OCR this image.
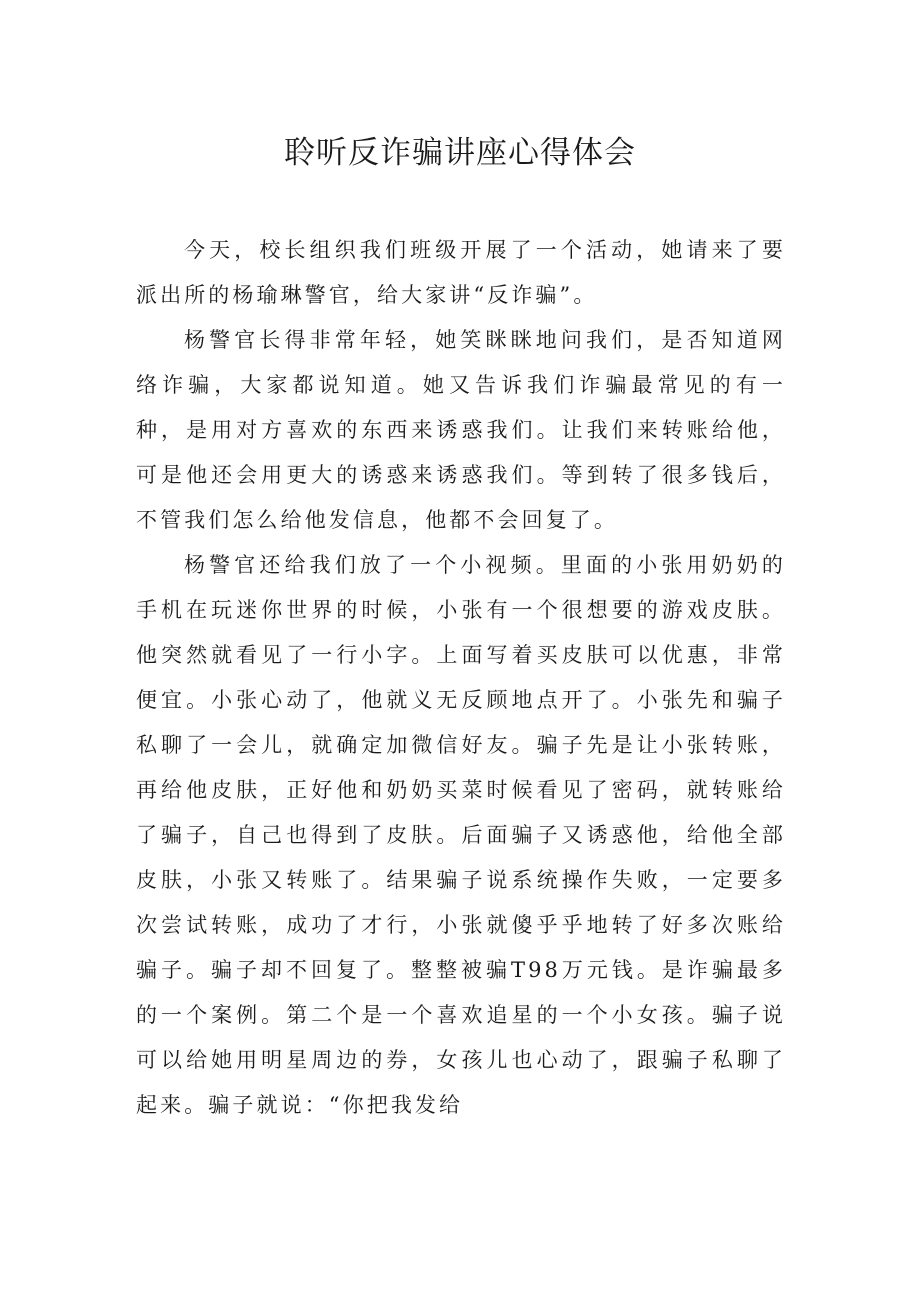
聆听反诈骗讲座心得体会

今天，校长组织我们班级开展了一个活动，她请来了要派出所的杨瑜琳警官，给大家讲“反诈骗”。

杨警官长得非常年轻，她笑眯眯地问我们，是否知道网络诈骗，大家都说知道。她又告诉我们诈骗最常见的有一种，是用对方喜欢的东西来诱惑我们。让我们来转账给他，可是他还会用更大的诱惑来诱惑我们。等到转了很多钱后，不管我们怎么给他发信息，他都不会回复了。

杨警官还给我们放了一个小视频。里面的小张用奶奶的手机在玩迷你世界的时候，小张有一个很想要的游戏皮肤。他突然就看见了一行小字。上面写着买皮肤可以优惠，非常便宜。小张心动了，他就义无反顾地点开了。小张先和骗子私聊了一会儿，就确定加微信好友。骗子先是让小张转账，再给他皮肤，正好他和奶奶买菜时候看见了密码，就转账给了骗子，自己也得到了皮肤。后面骗子又诱惑他，给他全部皮肤，小张又转账了。结果骗子说系统操作失败，一定要多次尝试转账，成功了才行，小张就傻乎乎地转了好多次账给骗子。骗子却不回复了。整整被骗T98万元钱。是诈骗最多的一个案例。第二个是一个喜欢追星的一个小女孩。骗子说可以给她用明星周边的券，女孩儿也心动了，跟骗子私聊了起来。骗子就说：“你把我发给
